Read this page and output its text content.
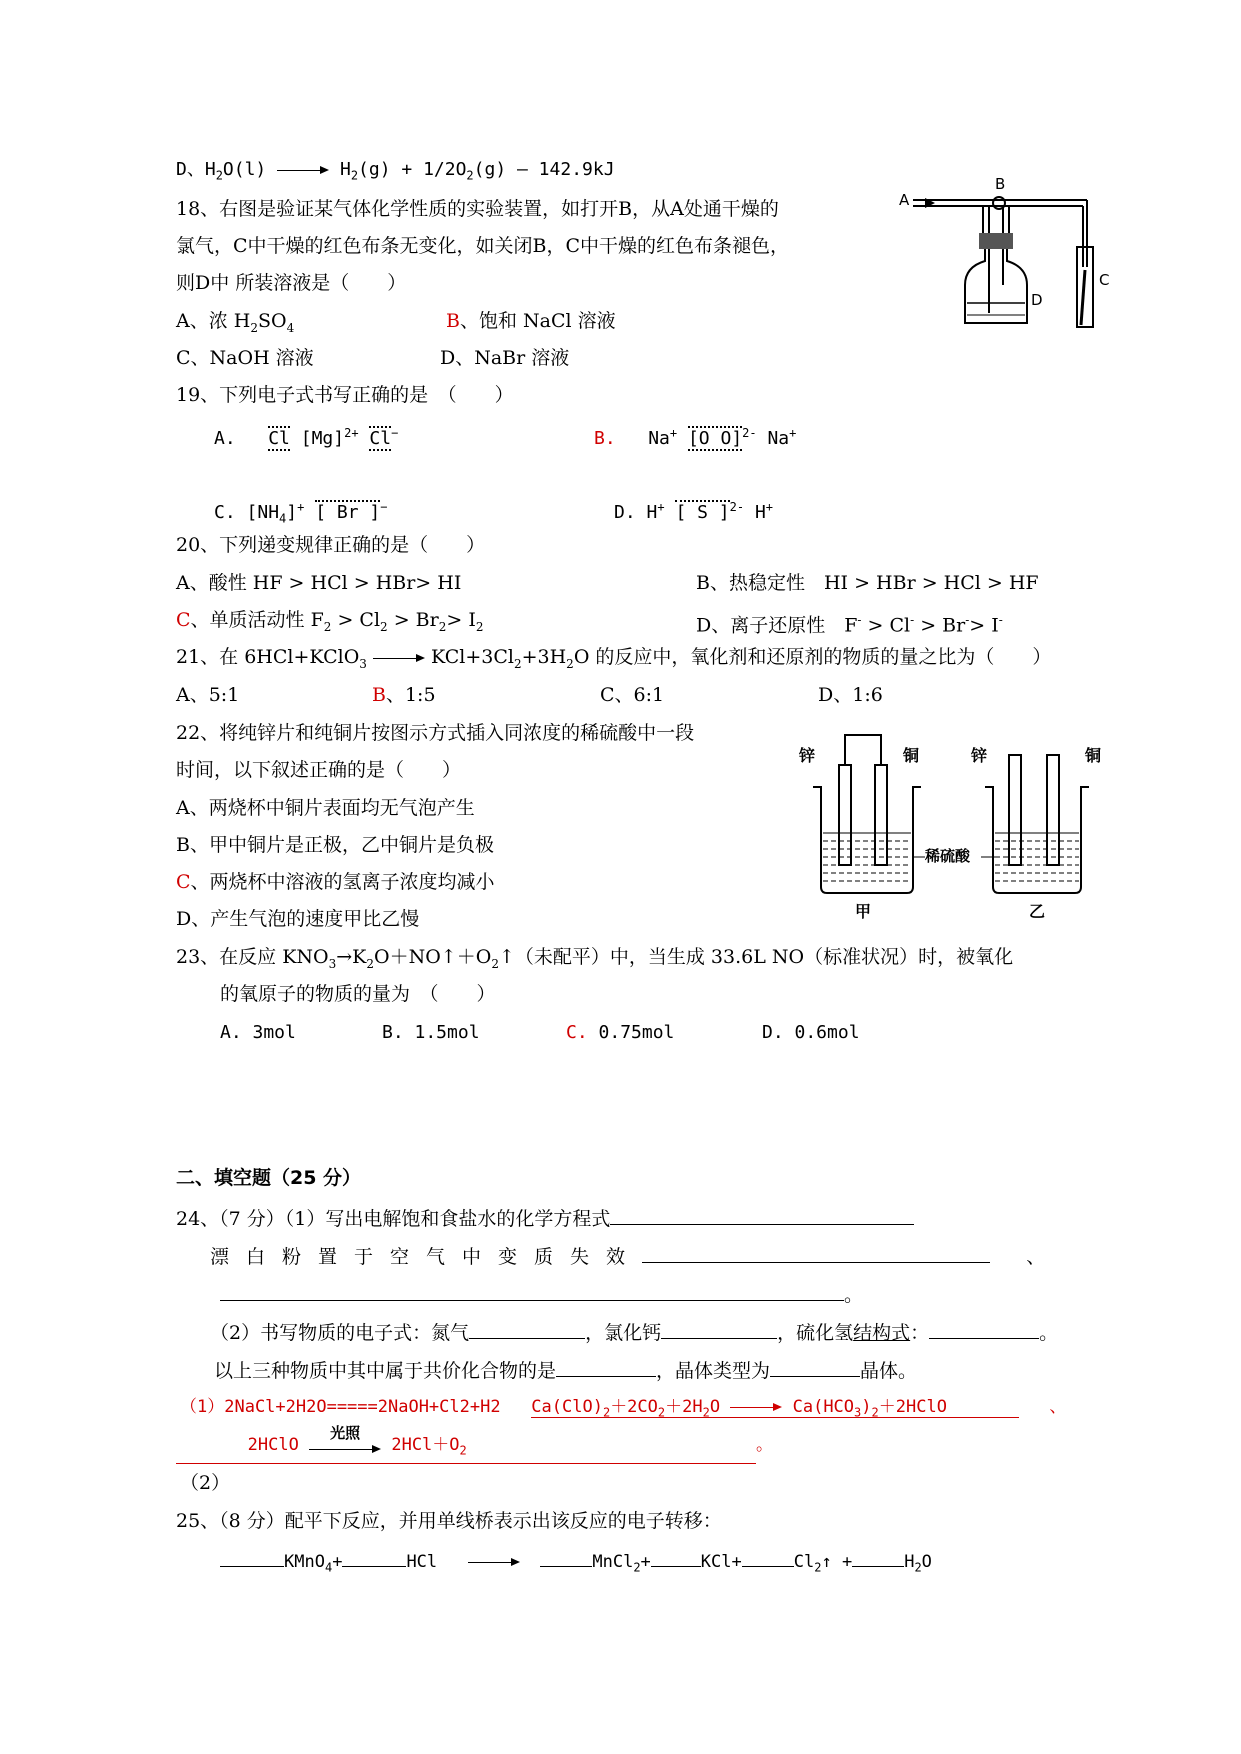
D、$H_2O(l)$	$H_2(g) + 1/2O_2(g)$ — 142.9kJ
18、右图是验证某气体化学性质的实验装置，如打开B，从A处通干燥的
氯气，C中干燥的红色布条无变化，如关闭B，C中干燥的红色布条褪色，
则D中 所装溶液是（　　）
A、浓 $H_2SO_4$	B、饱和 NaCl 溶液
C、NaOH 溶液	D、NaBr 溶液
A
B
D
C
19、下列电子式书写正确的是　（　　）
A. Cl $[Mg]^{2+}$ Cl−	B. Na+ [O O]$^{2-}$ Na+
C. $[NH_4]^+$ [ Br ]−	D. H+ [ S ]$^{2-}$ H+
20、下列递变规律正确的是（　　）
A、酸性 HF > HCl > HBr> HI	B、热稳定性　HI > HBr > HCl > HF
C、单质活动性 $F_2 > Cl_2 > Br_2> I_2$	D、离子还原性　F- > Cl- > Br-> I-
21、在 6HCl+KClO$_3$	$KCl+3Cl_2+3H_2O$ 的反应中，氧化剂和还原剂的物质的量之比为（　　）
A、5:1	B、1:5	C、6:1	D、1:6
22、将纯锌片和纯铜片按图示方式插入同浓度的稀硫酸中一段
时间，以下叙述正确的是（　　）
A、两烧杯中铜片表面均无气泡产生
B、甲中铜片是正极，乙中铜片是负极
C、两烧杯中溶液的氢离子浓度均减小
D、产生气泡的速度甲比乙慢
锌	铜
甲
稀硫酸
锌	铜
乙
23、在反应 $KNO_3\to K_2O+NO↑+O_2↑$（未配平）中，当生成 33.6L NO（标准状况）时，被氧化
的氧原子的物质的量为　（　　）
A. 3mol	B. 1.5mol	C. 0.75mol	D. 0.6mol
二、填空题（25 分）
24、（7 分）（1）写出电解饱和食盐水的化学方程式
漂白粉置于空气中变质失效	、
。
（2）书写物质的电子式：氮气	，氯化钙	，硫化氢结构式：	。
以上三种物质中其中属于共价化合物的是	，晶体类型为	晶体。
（1）2NaCl+2H2O=====2NaOH+Cl2+H2 $Ca(ClO)_2+2CO_2+2H_2O$	$Ca(HCO_3)_2+2HClO$	、
2HClO 光照
$2HCl+O_2$	。
（2）
25、（8 分）配平下反应，并用单线桥表示出该反应的电子转移：
KMnO$_4$+	HCl	MnCl$_2$+	KCl+	$Cl_2↑$ +	$H_2O$
